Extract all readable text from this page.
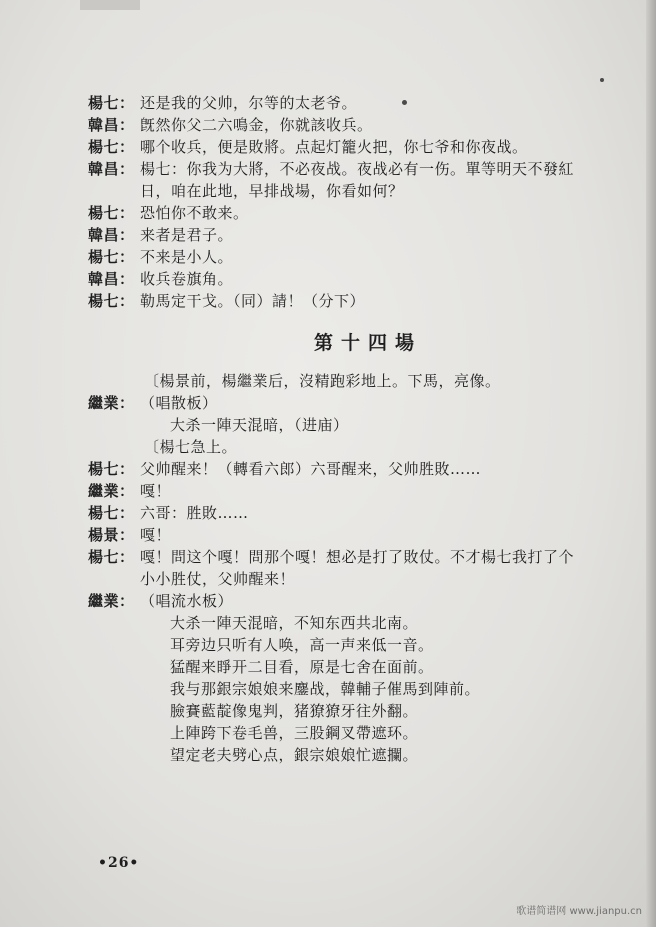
楊七： 还是我的父帅，尔等的太老爷。
韓昌： 旣然你父二六鳴金，你就該收兵。
楊七： 哪个收兵，便是敗將。点起灯籠火把，你七爷和你夜战。
韓昌： 楊七：你我为大將，不必夜战。夜战必有一伤。單等明天不發紅
日，咱在此地，早排战場，你看如何？
楊七： 恐怕你不敢来。
韓昌： 来者是君子。
楊七： 不来是小人。
韓昌： 收兵卷旗角。
楊七： 勒馬定干戈。（同）請！（分下）
第十四場
〔楊景前，楊繼業后，沒精跑彩地上。下馬，亮像。
繼業： （唱散板）
大杀一陣天混暗，（进庙）
〔楊七急上。
楊七： 父帅醒来！（轉看六郎）六哥醒来，父帅胜敗……
繼業： 嘎！
楊七： 六哥：胜敗……
楊景： 嘎！
楊七： 嘎！問这个嘎！問那个嘎！想必是打了敗仗。不才楊七我打了个
小小胜仗，父帅醒来！
繼業： （唱流水板）
大杀一陣天混暗，不知东西共北南。
耳旁边只听有人唤，高一声来低一音。
猛醒来睜开二目看，原是七舍在面前。
我与那銀宗娘娘来鏖战，韓輔子催馬到陣前。
臉賽藍靛像鬼判，猪獠獠牙往外翻。
上陣跨下卷毛兽，三股鋼叉帶遮环。
望定老夫劈心点，銀宗娘娘忙遮攔。
•26•
歌谱简谱网 www.jianpu.cn
